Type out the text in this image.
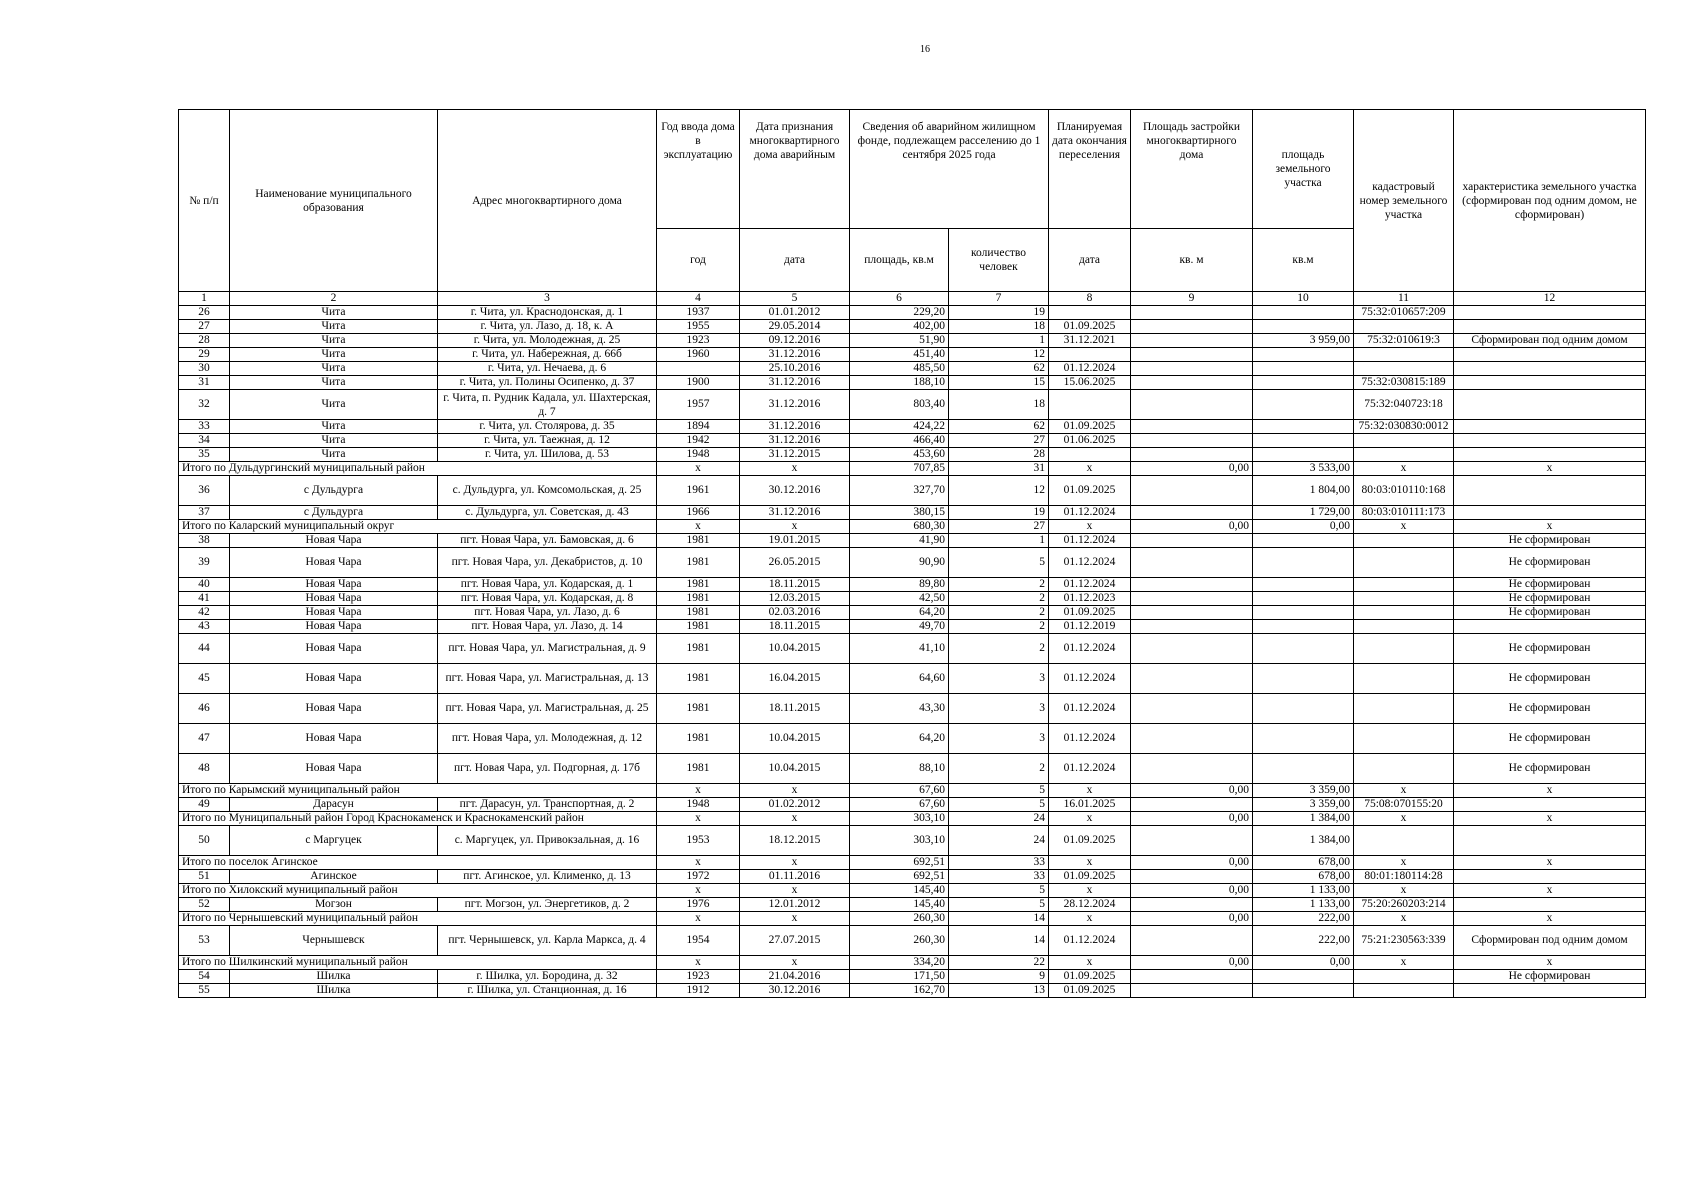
16
№ п/п	Наименование муниципального образования	Адрес многоквартирного дома	Год ввода дома в эксплуатацию	Дата признания многоквартирного дома аварийным	Сведения об аварийном жилищном фонде, подлежащем расселению до 1 сентября 2025 года		Планируемая дата окончания переселения	Площадь застройки многоквартирного дома	площадь земельного участка	кадастровый номер земельного участка	характеристика земельного участка (сформирован под одним домом, не сформирован)
			год	дата	площадь, кв.м	количество человек	дата	кв. м	кв.м		
1	2	3	4	5	6	7	8	9	10	11	12
26	Чита	г. Чита, ул. Краснодонская, д. 1	1937	01.01.2012	229,20	19				75:32:010657:209	
27	Чита	г. Чита, ул. Лазо, д. 18, к. А	1955	29.05.2014	402,00	18	01.09.2025				
28	Чита	г. Чита, ул. Молодежная, д. 25	1923	09.12.2016	51,90	1	31.12.2021		3 959,00	75:32:010619:3	Сформирован под одним домом
29	Чита	г. Чита, ул. Набережная, д. 66б	1960	31.12.2016	451,40	12					
30	Чита	г. Чита, ул. Нечаева, д. 6		25.10.2016	485,50	62	01.12.2024				
31	Чита	г. Чита, ул. Полины Осипенко, д. 37	1900	31.12.2016	188,10	15	15.06.2025			75:32:030815:189	
32	Чита	г. Чита, п. Рудник Кадала, ул. Шахтерская, д. 7	1957	31.12.2016	803,40	18				75:32:040723:18	
33	Чита	г. Чита, ул. Столярова, д. 35	1894	31.12.2016	424,22	62	01.09.2025			75:32:030830:0012	
34	Чита	г. Чита, ул. Таежная, д. 12	1942	31.12.2016	466,40	27	01.06.2025				
35	Чита	г. Чита, ул. Шилова, д. 53	1948	31.12.2015	453,60	28					
Итого по Дульдургинский муниципальный район			x	x	707,85	31	x	0,00	3 533,00	x	x
36	с Дульдурга	с. Дульдурга, ул. Комсомольская, д. 25	1961	30.12.2016	327,70	12	01.09.2025		1 804,00	80:03:010110:168	
37	с Дульдурга	с. Дульдурга, ул. Советская, д. 43	1966	31.12.2016	380,15	19	01.12.2024		1 729,00	80:03:010111:173	
Итого по Каларский муниципальный округ			x	x	680,30	27	x	0,00	0,00	x	x
38	Новая Чара	пгт. Новая Чара, ул. Бамовская, д. 6	1981	19.01.2015	41,90	1	01.12.2024				Не сформирован
39	Новая Чара	пгт. Новая Чара, ул. Декабристов, д. 10	1981	26.05.2015	90,90	5	01.12.2024				Не сформирован
40	Новая Чара	пгт. Новая Чара, ул. Кодарская, д. 1	1981	18.11.2015	89,80	2	01.12.2024				Не сформирован
41	Новая Чара	пгт. Новая Чара, ул. Кодарская, д. 8	1981	12.03.2015	42,50	2	01.12.2023				Не сформирован
42	Новая Чара	пгт. Новая Чара, ул. Лазо, д. 6	1981	02.03.2016	64,20	2	01.09.2025				Не сформирован
43	Новая Чара	пгт. Новая Чара, ул. Лазо, д. 14	1981	18.11.2015	49,70	2	01.12.2019				
44	Новая Чара	пгт. Новая Чара, ул. Магистральная, д. 9	1981	10.04.2015	41,10	2	01.12.2024				Не сформирован
45	Новая Чара	пгт. Новая Чара, ул. Магистральная, д. 13	1981	16.04.2015	64,60	3	01.12.2024				Не сформирован
46	Новая Чара	пгт. Новая Чара, ул. Магистральная, д. 25	1981	18.11.2015	43,30	3	01.12.2024				Не сформирован
47	Новая Чара	пгт. Новая Чара, ул. Молодежная, д. 12	1981	10.04.2015	64,20	3	01.12.2024				Не сформирован
48	Новая Чара	пгт. Новая Чара, ул. Подгорная, д. 17б	1981	10.04.2015	88,10	2	01.12.2024				Не сформирован
Итого по Карымский муниципальный район			x	x	67,60	5	x	0,00	3 359,00	x	x
49	Дарасун	пгт. Дарасун, ул. Транспортная, д. 2	1948	01.02.2012	67,60	5	16.01.2025		3 359,00	75:08:070155:20	
Итого по Муниципальный район Город Краснокаменск и Краснокаменский район			x	x	303,10	24	x	0,00	1 384,00	x	x
50	с Маргуцек	с. Маргуцек, ул. Привокзальная, д. 16	1953	18.12.2015	303,10	24	01.09.2025		1 384,00		
Итого по поселок Агинское			x	x	692,51	33	x	0,00	678,00	x	x
51	Агинское	пгт. Агинское, ул. Клименко, д. 13	1972	01.11.2016	692,51	33	01.09.2025		678,00	80:01:180114:28	
Итого по Хилокский муниципальный район			x	x	145,40	5	x	0,00	1 133,00	x	x
52	Могзон	пгт. Могзон, ул. Энергетиков, д. 2	1976	12.01.2012	145,40	5	28.12.2024		1 133,00	75:20:260203:214	
Итого по Чернышевский муниципальный район			x	x	260,30	14	x	0,00	222,00	x	x
53	Чернышевск	пгт. Чернышевск, ул. Карла Маркса, д. 4	1954	27.07.2015	260,30	14	01.12.2024		222,00	75:21:230563:339	Сформирован под одним домом
Итого по Шилкинский муниципальный район			x	x	334,20	22	x	0,00	0,00	x	x
54	Шилка	г. Шилка, ул. Бородина, д. 32	1923	21.04.2016	171,50	9	01.09.2025				Не сформирован
55	Шилка	г. Шилка, ул. Станционная, д. 16	1912	30.12.2016	162,70	13	01.09.2025				
